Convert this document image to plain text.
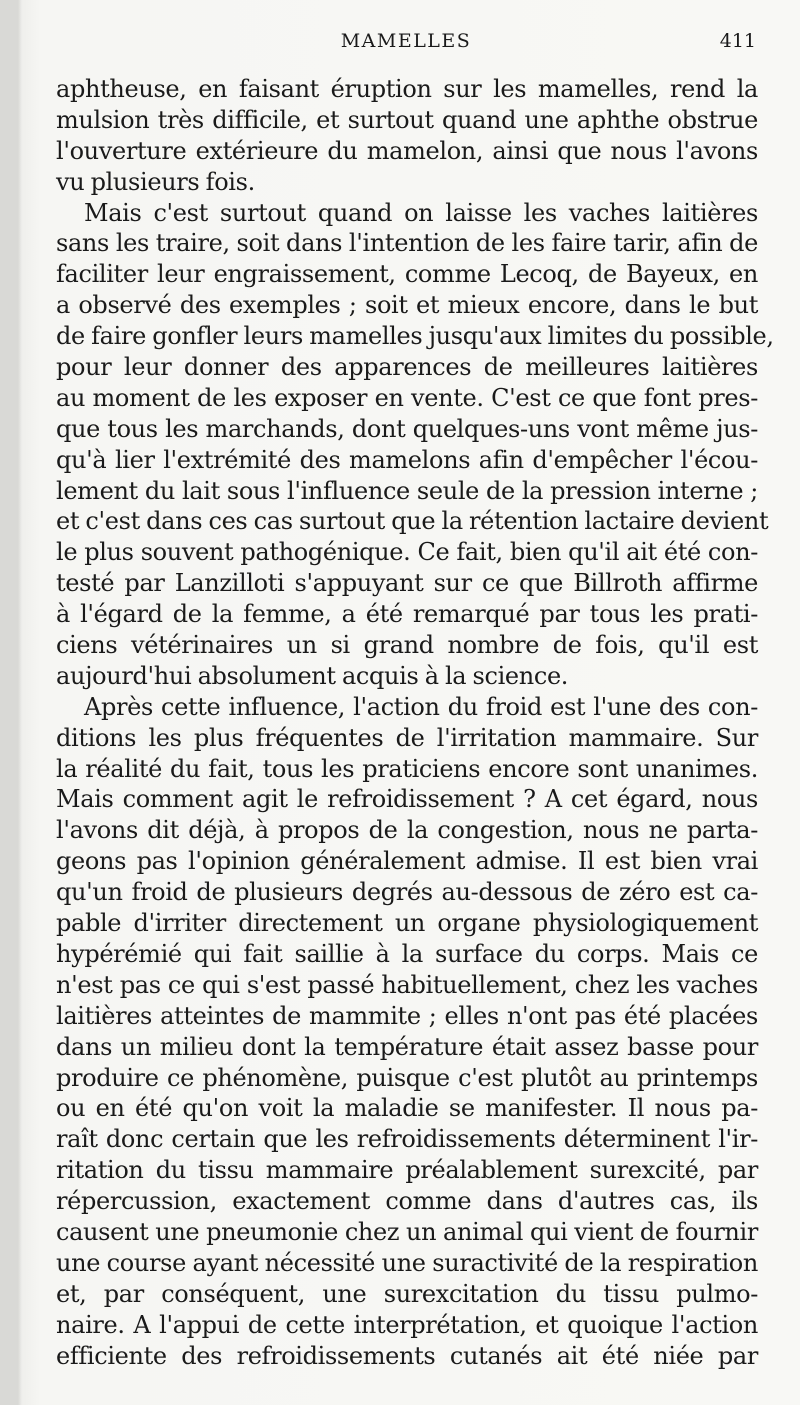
MAMELLES	411
aphtheuse, en faisant éruption sur les mamelles, rend la
mulsion très difficile, et surtout quand une aphthe obstrue
l'ouverture extérieure du mamelon, ainsi que nous l'avons
vu plusieurs fois.
Mais c'est surtout quand on laisse les vaches laitières
sans les traire, soit dans l'intention de les faire tarir, afin de
faciliter leur engraissement, comme Lecoq, de Bayeux, en
a observé des exemples ; soit et mieux encore, dans le but
de faire gonfler leurs mamelles jusqu'aux limites du possible,
pour leur donner des apparences de meilleures laitières
au moment de les exposer en vente. C'est ce que font pres-
que tous les marchands, dont quelques-uns vont même jus-
qu'à lier l'extrémité des mamelons afin d'empêcher l'écou-
lement du lait sous l'influence seule de la pression interne ;
et c'est dans ces cas surtout que la rétention lactaire devient
le plus souvent pathogénique. Ce fait, bien qu'il ait été con-
testé par Lanzilloti s'appuyant sur ce que Billroth affirme
à l'égard de la femme, a été remarqué par tous les prati-
ciens vétérinaires un si grand nombre de fois, qu'il est
aujourd'hui absolument acquis à la science.
Après cette influence, l'action du froid est l'une des con-
ditions les plus fréquentes de l'irritation mammaire. Sur
la réalité du fait, tous les praticiens encore sont unanimes.
Mais comment agit le refroidissement ? A cet égard, nous
l'avons dit déjà, à propos de la congestion, nous ne parta-
geons pas l'opinion généralement admise. Il est bien vrai
qu'un froid de plusieurs degrés au-dessous de zéro est ca-
pable d'irriter directement un organe physiologiquement
hypérémié qui fait saillie à la surface du corps. Mais ce
n'est pas ce qui s'est passé habituellement, chez les vaches
laitières atteintes de mammite ; elles n'ont pas été placées
dans un milieu dont la température était assez basse pour
produire ce phénomène, puisque c'est plutôt au printemps
ou en été qu'on voit la maladie se manifester. Il nous pa-
raît donc certain que les refroidissements déterminent l'ir-
ritation du tissu mammaire préalablement surexcité, par
répercussion, exactement comme dans d'autres cas, ils
causent une pneumonie chez un animal qui vient de fournir
une course ayant nécessité une suractivité de la respiration
et, par conséquent, une surexcitation du tissu pulmo-
naire. A l'appui de cette interprétation, et quoique l'action
efficiente des refroidissements cutanés ait été niée par
